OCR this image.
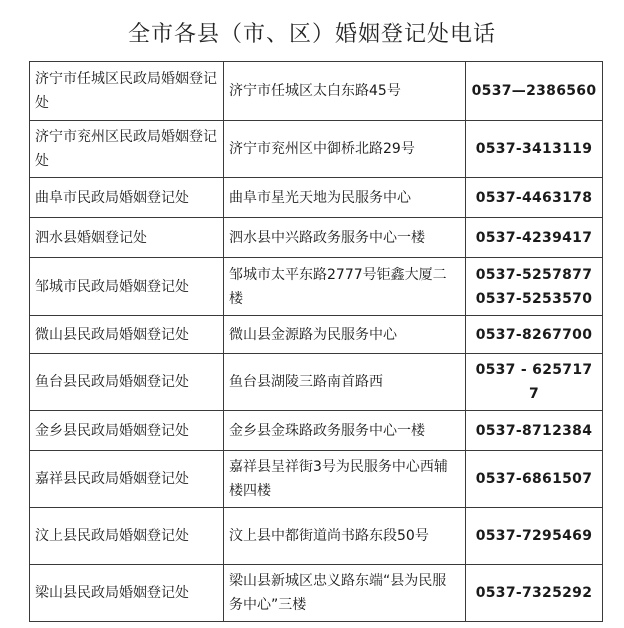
全市各县（市、区）婚姻登记处电话
济宁市任城区民政局婚姻登记处	济宁市任城区太白东路45号	0537—2386560

济宁市兖州区民政局婚姻登记处	济宁市兖州区中御桥北路29号	0537-3413119

曲阜市民政局婚姻登记处	曲阜市星光天地为民服务中心	0537-4463178

泗水县婚姻登记处	泗水县中兴路政务服务中心一楼	0537-4239417

邹城市民政局婚姻登记处	邹城市太平东路2777号钜鑫大厦二楼	0537-5257877 0537-5253570

微山县民政局婚姻登记处	微山县金源路为民服务中心	0537-8267700

鱼台县民政局婚姻登记处	鱼台县湖陵三路南首路西	0537 - 6257177

金乡县民政局婚姻登记处	金乡县金珠路政务服务中心一楼	0537-8712384

嘉祥县民政局婚姻登记处	嘉祥县呈祥街3号为民服务中心西辅楼四楼	0537-6861507

汶上县民政局婚姻登记处	汶上县中都街道尚书路东段50号	0537-7295469

梁山县民政局婚姻登记处	梁山县新城区忠义路东端“县为民服务中心”三楼	0537-7325292
